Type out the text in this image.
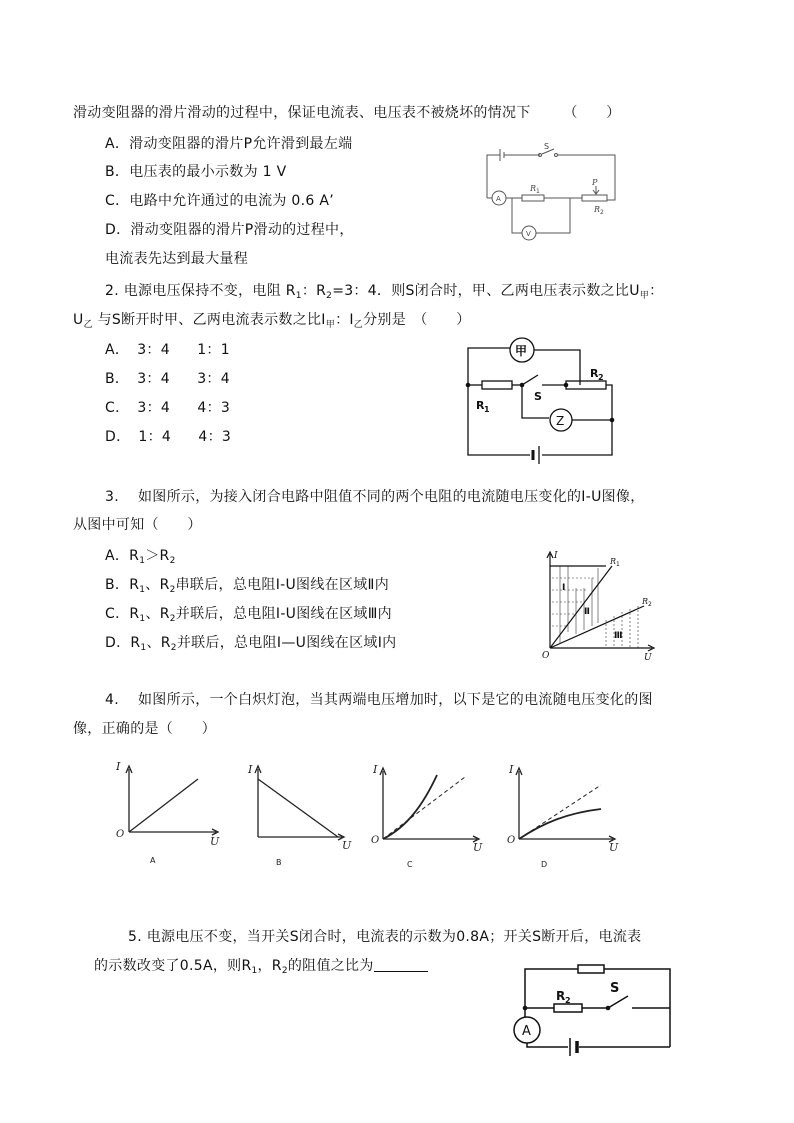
滑动变阻器的滑片滑动的过程中，保证电流表、电压表不被烧坏的情况下 （　　）
A．滑动变阻器的滑片P允许滑到最左端
B．电压表的最小示数为 1 V
C．电路中允许通过的电流为 0.6 A’
D．滑动变阻器的滑片P滑动的过程中，
电流表先达到最大量程
S
A
V
R 1
P
R 2
2. 电源电压保持不变，电阻 $R_1$：$R_2=3$：4．则S闭合时，甲、乙两电压表示数之比$U_甲$：
$U_乙$ 与S断开时甲、乙两电流表示数之比$I_甲$：$I_乙$分别是　（　　）
A． 3：4 1：1
B． 3：4 3：4
C． 3：4 4：3
D． 1：4 4：3
甲
Z
R 1
R 2
S
3.　 如图所示，为接入闭合电路中阻值不同的两个电阻的电流随电压变化的I-U图像，
从图中可知（　　）
A．$R_1>R_2$
B．$R_1$、$R_2$串联后，总电阻I-U图线在区域Ⅱ内
C．$R_1$、$R_2$并联后，总电阻I-U图线在区域Ⅲ内
D．$R_1$、$R_2$并联后，总电阻I—U图线在区域Ⅰ内
I
U
O
R 1
R 2
Ⅰ
Ⅱ
Ⅲ
4.　 如图所示，一个白炽灯泡，当其两端电压增加时，以下是它的电流随电压变化的图
像，正确的是（　　）
I
U
O
A
I
U
B
I
U
O
C
I
U
O
D
5. 电源电压不变，当开关S闭合时，电流表的示数为0.8A；开关S断开后，电流表
的示数改变了0.5A，则$R_1$，$R_2$的阻值之比为
R 2
S
A
